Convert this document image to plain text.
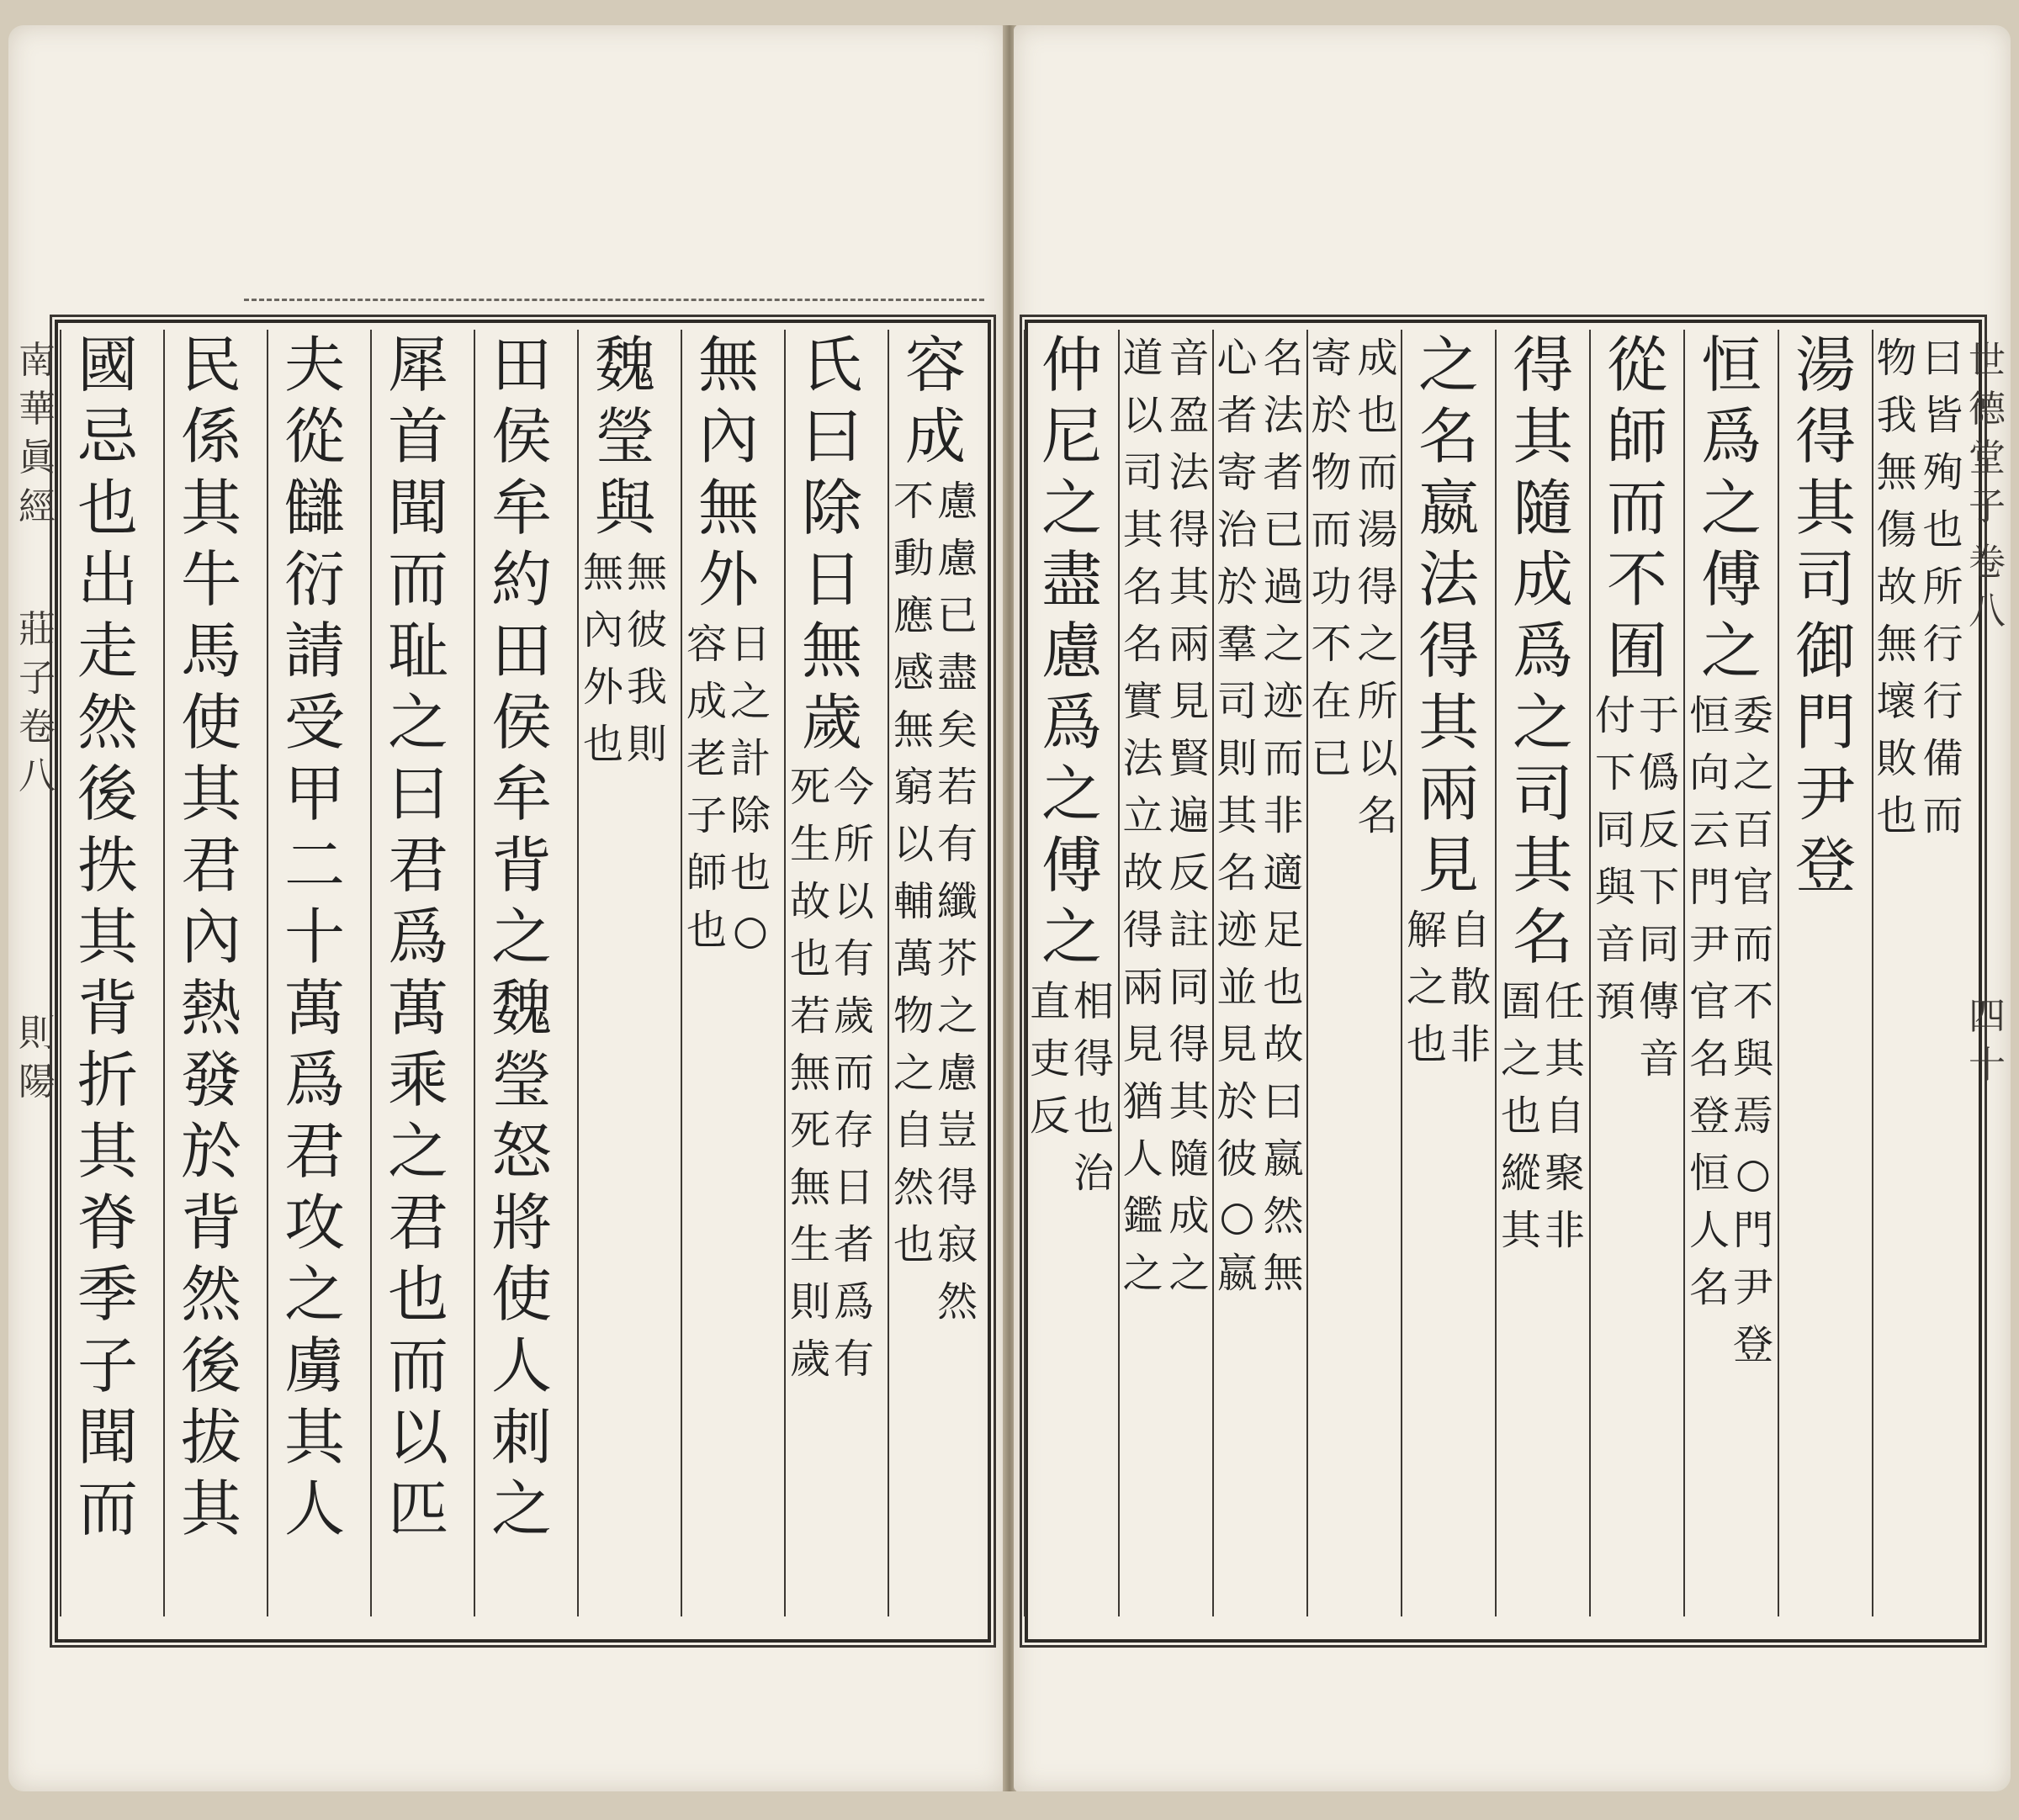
世德堂子
卷八
四十
南華眞經
莊子卷八
則陽
物
我
無
傷
故
無
壞
敗
也
曰
皆
殉
也
所
行
行
備
而
湯
得
其
司
御
門
尹
登
恒
爲
之
傅
之
恒
向
云
門
尹
官
名
登
恒
人
名
委
之
百
官
而
不
與
焉
○
門
尹
登
從
師
而
不
囿
付
下
同
與
音
預
于
僞
反
下
同
傳
音
得
其
隨
成
爲
之
司
其
名
圄
之
也
縱
其
任
其
自
聚
非
之
名
嬴
法
得
其
兩
見
解
之
也
自
散
非
寄
於
物
而
功
不
在
已
成
也
而
湯
得
之
所
以
名
心
者
寄
治
於
羣
司
則
其
名
迹
並
見
於
彼
○
嬴
名
法
者
已
過
之
迹
而
非
適
足
也
故
曰
嬴
然
無
道
以
司
其
名
名
實
法
立
故
得
兩
見
猶
人
鑑
之
音
盈
法
得
其
兩
見
賢
遍
反
註
同
得
其
隨
成
之
仲
尼
之
盡
慮
爲
之
傅
之
直
吏
反
相
得
也
治
容
成
不
動
應
感
無
窮
以
輔
萬
物
之
自
然
也
慮
慮
已
盡
矣
若
有
纖
芥
之
慮
豈
得
寂
然
氏
曰
除
日
無
歲
死
生
故
也
若
無
死
無
生
則
歲
今
所
以
有
歲
而
存
日
者
爲
有
無
內
無
外
容
成
老
子
師
也
日
之
計
除
也
○
魏
瑩
與
無
內
外
也
無
彼
我
則
田
侯
牟
約
田
侯
牟
背
之
魏
瑩
怒
將
使
人
刺
之
犀
首
聞
而
耻
之
曰
君
爲
萬
乘
之
君
也
而
以
匹
夫
從
讎
衍
請
受
甲
二
十
萬
爲
君
攻
之
虜
其
人
民
係
其
牛
馬
使
其
君
內
熱
發
於
背
然
後
拔
其
國
忌
也
出
走
然
後
抶
其
背
折
其
脊
季
子
聞
而
